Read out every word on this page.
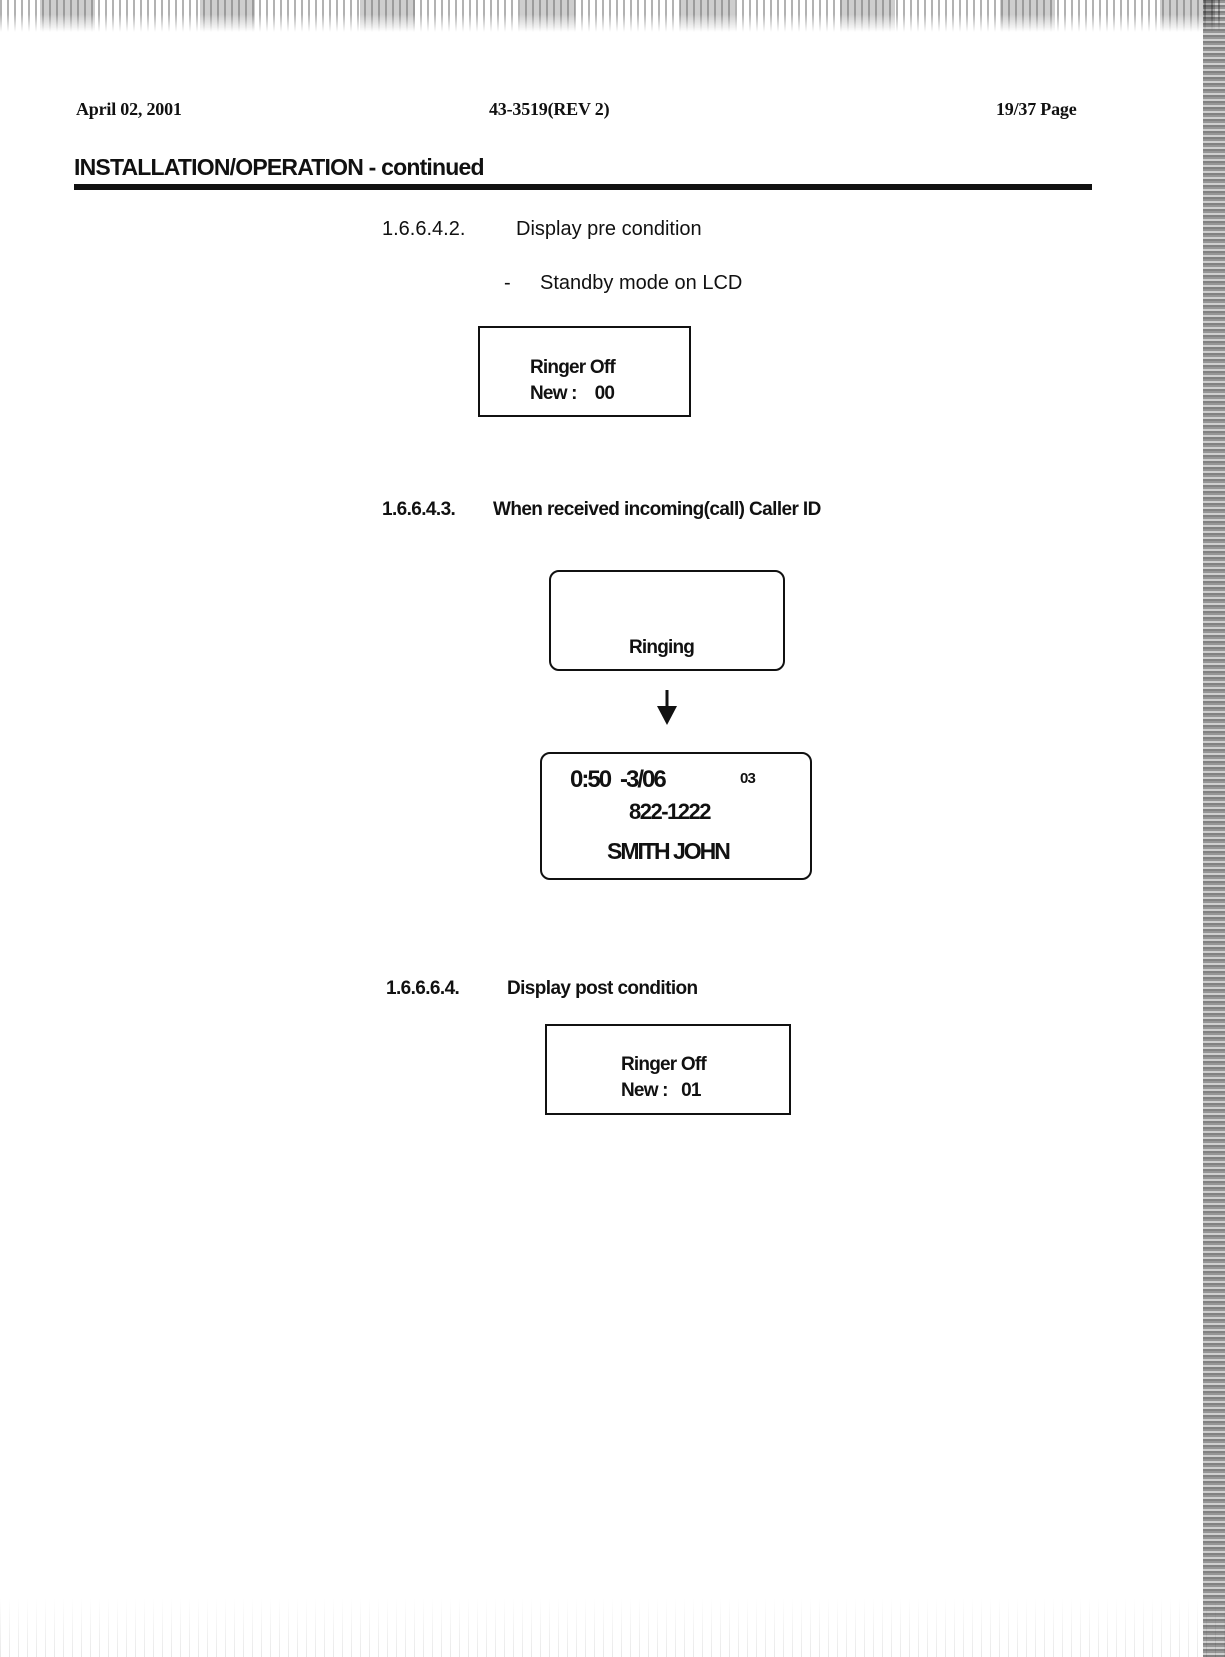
April 02, 2001	43-3519(REV 2)	19/37 Page
INSTALLATION/OPERATION - continued
1.6.6.4.2.	Display pre condition
- Standby mode on LCD
Ringer Off
New :    00
1.6.6.4.3. When received incoming(call) Caller ID
Ringing
0:50 -3/06	03
822-1222
SMITH JOHN
1.6.6.6.4.	Display post condition
Ringer Off
New :   01
